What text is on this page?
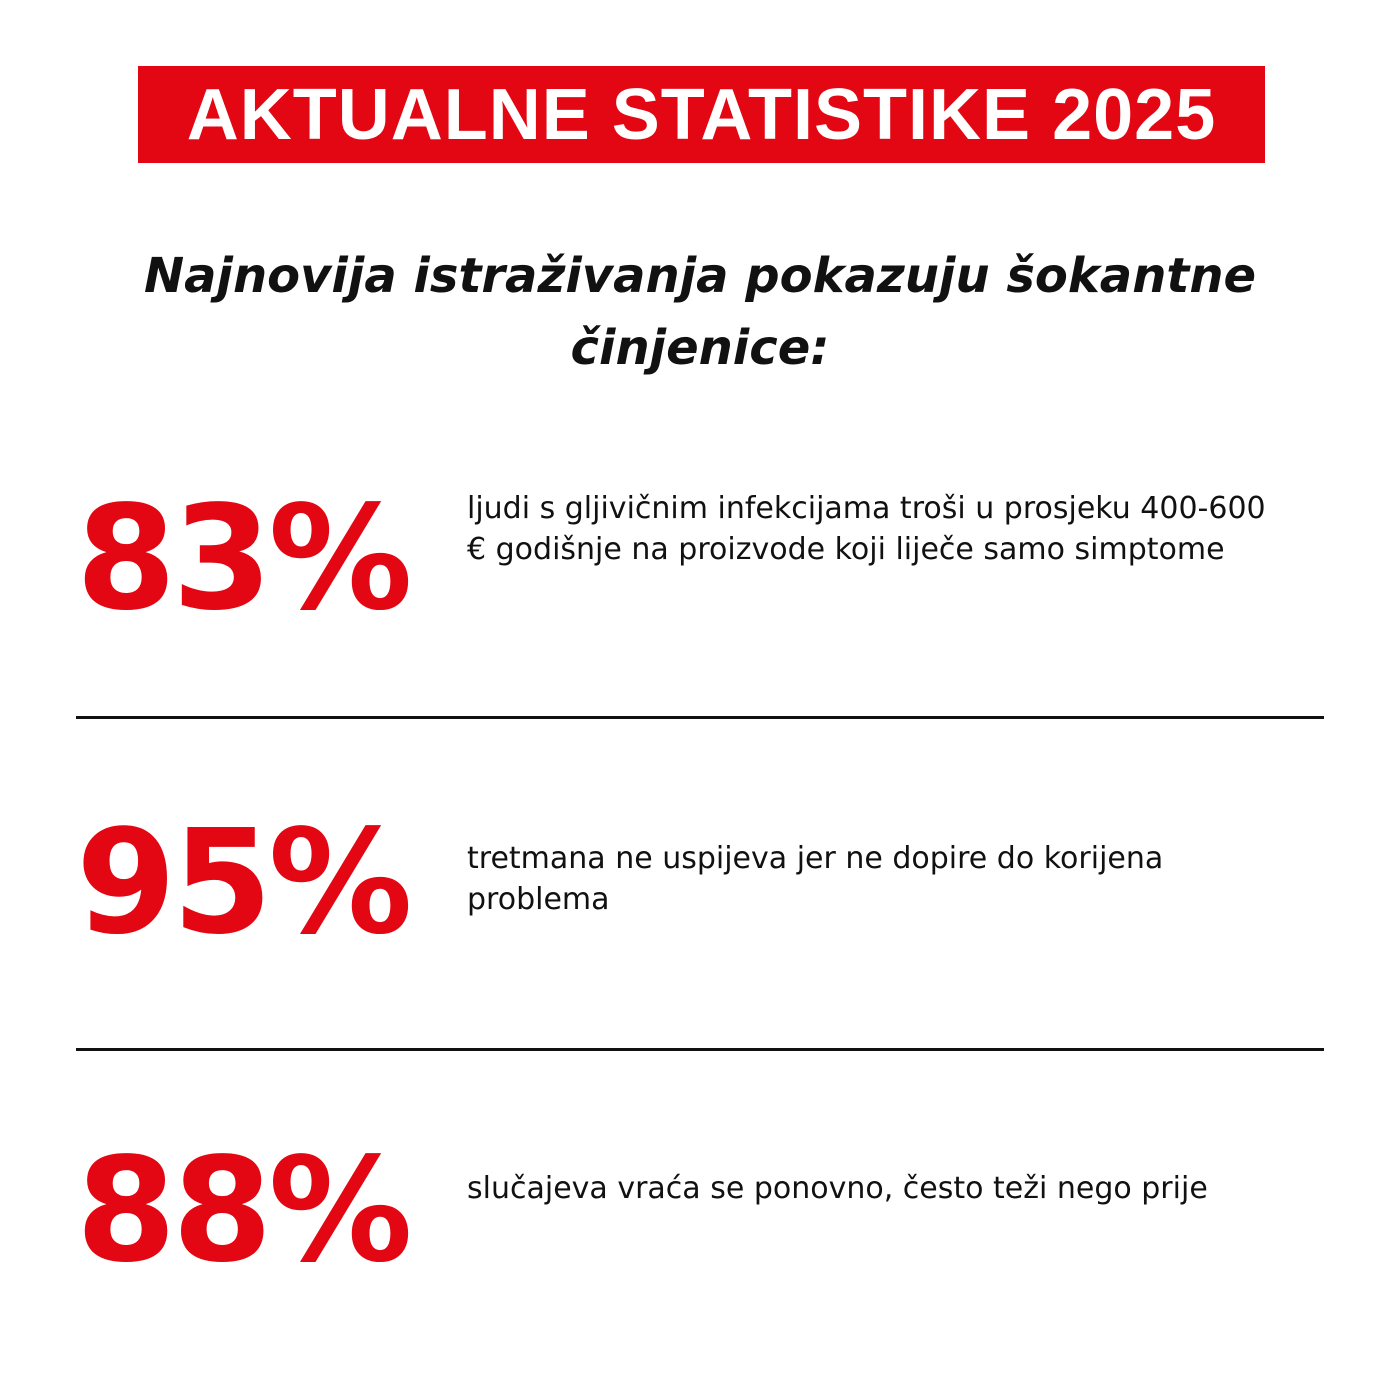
AKTUALNE STATISTIKE 2025
Najnovija istraživanja pokazuju šokantne činjenice:
83% ljudi s gljivičnim infekcijama troši u prosjeku 400-600 € godišnje na proizvode koji liječe samo simptome
95% tretmana ne uspijeva jer ne dopire do korijena problema
88% slučajeva vraća se ponovno, često teži nego prije
